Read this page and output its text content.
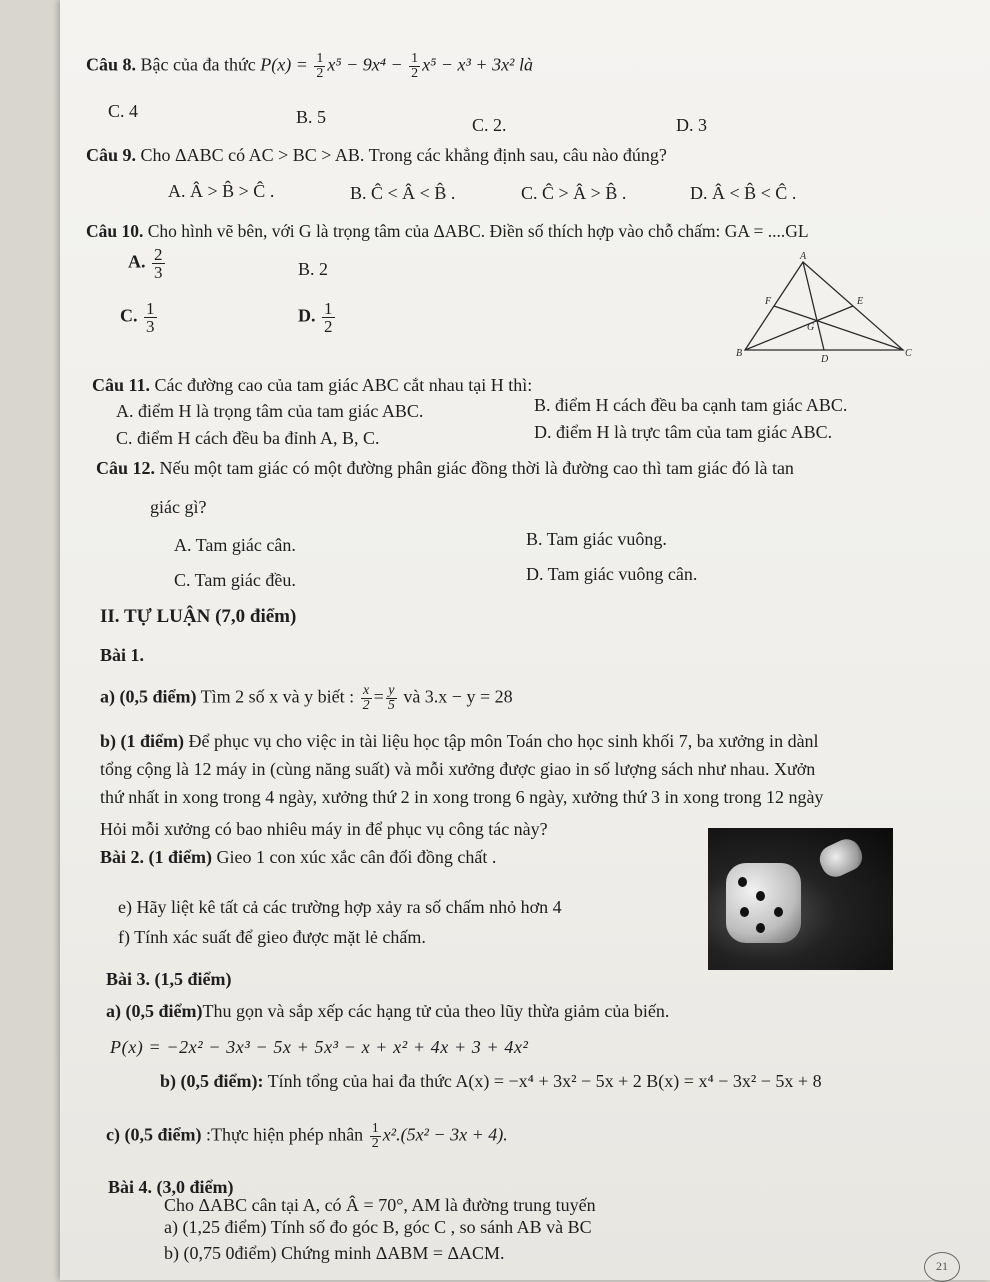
Câu 8. Bậc của đa thức $P(x) = \frac{1}{2} x^5 - 9x^4 - \frac{1}{2} x^5 - x^3 + 3x^2$ là
C. 4	B. 5	C. 2.	D. 3
Câu 9. Cho ΔABC có AC > BC > AB. Trong các khẳng định sau, câu nào đúng?
A. Â > B̂ > Ĉ .	B. Ĉ < Â < B̂ .	C. Ĉ > Â > B̂ .	D. Â < B̂ < Ĉ .
Câu 10. Cho hình vẽ bên, với G là trọng tâm của ΔABC. Điền số thích hợp vào chỗ chấm: GA = ....GL
A. $\frac{2}{3}$	B. 2
C. $\frac{1}{3}$	D. $\frac{1}{2}$
A
F	E
G
B
D
C
Câu 11. Các đường cao của tam giác ABC cắt nhau tại H thì:
A. điểm H là trọng tâm của tam giác ABC.	B. điểm H cách đều ba cạnh tam giác ABC.
C. điểm H cách đều ba đỉnh A, B, C.	D. điểm H là trực tâm của tam giác ABC.
Câu 12. Nếu một tam giác có một đường phân giác đồng thời là đường cao thì tam giác đó là tan
giác gì?
A. Tam giác cân.	B. Tam giác vuông.
C. Tam giác đều.	D. Tam giác vuông cân.
II. TỰ LUẬN (7,0 điểm)
Bài 1.
a) (0,5 điểm) Tìm 2 số x và y biết : $\frac{x}{2} = \frac{y}{5}$ và 3.x − y = 28
b) (1 điểm) Để phục vụ cho việc in tài liệu học tập môn Toán cho học sinh khối 7, ba xưởng in dànl
tổng cộng là 12 máy in (cùng năng suất) và mỗi xưởng được giao in số lượng sách như nhau. Xưởn
thứ nhất in xong trong 4 ngày, xưởng thứ 2 in xong trong 6 ngày, xưởng thứ 3 in xong trong 12 ngày
Hỏi mỗi xưởng có bao nhiêu máy in để phục vụ công tác này?
Bài 2. (1 điểm) Gieo 1 con xúc xắc cân đối đồng chất .
e) Hãy liệt kê tất cả các trường hợp xảy ra số chấm nhỏ hơn 4
f) Tính xác suất để gieo được mặt lẻ chấm.
Bài 3. (1,5 điểm)
a) (0,5 điểm)Thu gọn và sắp xếp các hạng tử của theo lũy thừa giảm của biến.
P(x) = −2x² − 3x³ − 5x + 5x³ − x + x² + 4x + 3 + 4x²
b) (0,5 điểm): Tính tổng của hai đa thức A(x) = −x⁴ + 3x² − 5x + 2 B(x) = x⁴ − 3x² − 5x + 8
c) (0,5 điểm) :Thực hiện phép nhân $\frac{1}{2} x^2.(5x^2 - 3x + 4)$.
Bài 4. (3,0 điểm)
Cho ΔABC cân tại A, có Â = 70°, AM là đường trung tuyến
a) (1,25 điểm) Tính số đo góc B, góc C , so sánh AB và BC
b) (0,75 0điểm) Chứng minh ΔABM = ΔACM.
21
